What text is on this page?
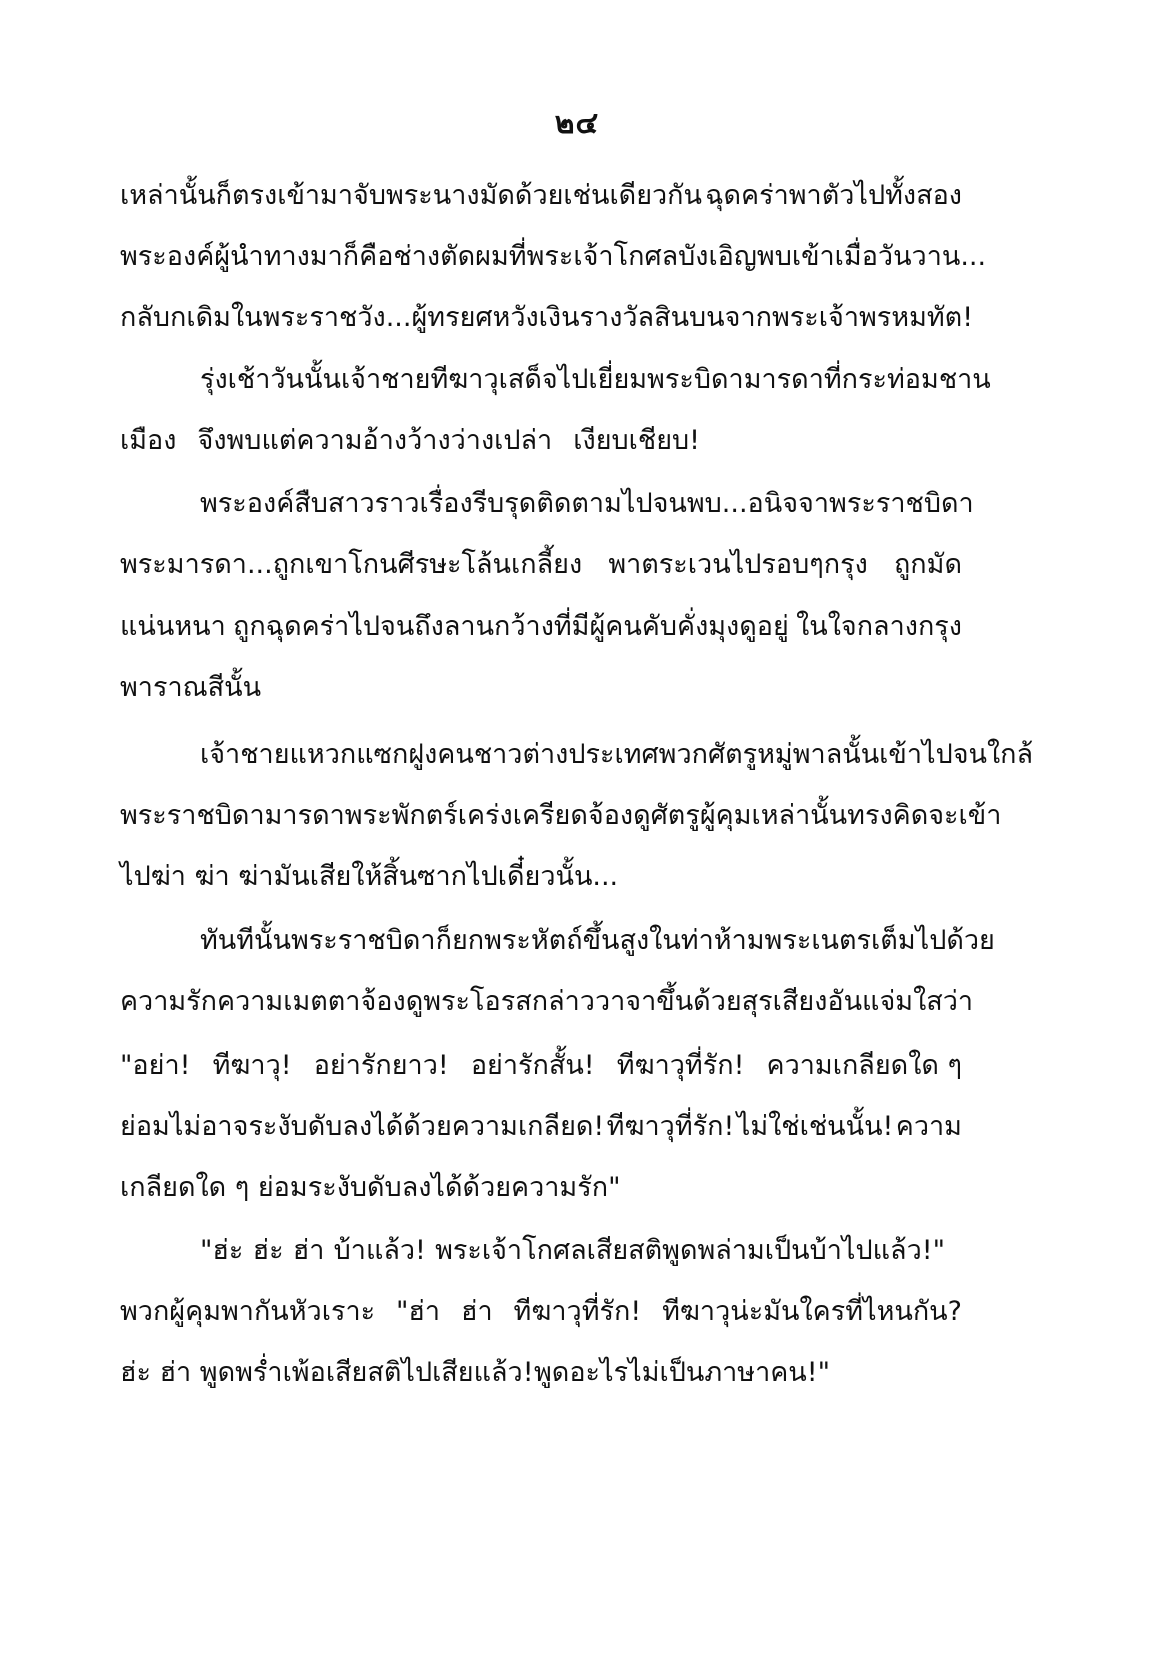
๒๔
เหล่านั้นก็ตรงเข้ามาจับพระนางมัดด้วยเช่นเดียวกัน ฉุดคร่าพาตัวไปทั้งสอง
พระองค์ ผู้นำทางมาก็คือช่างตัดผมที่พระเจ้าโกศลบังเอิญพบเข้าเมื่อวันวาน...
กลับกเดิมในพระราชวัง...ผู้ทรยศหวังเงินรางวัลสินบนจากพระเจ้าพรหมทัต!
รุ่งเช้าวันนั้น เจ้าชายทีฆาวุเสด็จไปเยี่ยมพระบิดามารดาที่กระท่อมชาน
เมือง จึงพบแต่ความอ้างว้างว่างเปล่า เงียบเชียบ!
พระองค์สืบสาวราวเรื่อง รีบรุดติดตามไปจนพบ...อนิจจา พระราชบิดา
พระมารดา...ถูกเขาโกนศีรษะโล้นเกลี้ยง พาตระเวนไปรอบๆกรุง ถูกมัด
แน่นหนา ถูกฉุดคร่าไปจนถึงลานกว้างที่มีผู้คนคับคั่งมุงดูอยู่ ในใจกลางกรุง
พาราณสีนั้น
เจ้าชายแหวกแซกฝูงคนชาวต่างประเทศพวกศัตรูหมู่พาลนั้นเข้าไปจนใกล้
พระราชบิดามารดา พระพักตร์เคร่งเครียดจ้องดูศัตรูผู้คุมเหล่านั้น ทรงคิดจะเข้า
ไปฆ่า ฆ่า ฆ่ามันเสียให้สิ้นซากไปเดี๋ยวนั้น...
ทันทีนั้นพระราชบิดาก็ยกพระหัตถ์ขึ้นสูงในท่าห้าม พระเนตรเต็มไปด้วย
ความรักความเมตตาจ้องดูพระโอรส กล่าววาจาขึ้นด้วยสุรเสียงอันแจ่มใสว่า
"อย่า! ทีฆาวุ! อย่ารักยาว! อย่ารักสั้น! ทีฆาวุที่รัก! ความเกลียดใด ๆ
ย่อมไม่อาจระงับดับลงได้ด้วยความเกลียด! ทีฆาวุที่รัก! ไม่ใช่เช่นนั้น! ความ
เกลียดใด ๆ ย่อมระงับดับลงได้ด้วยความรัก"
"ฮ่ะ ฮ่ะ ฮ่า บ้าแล้ว! พระเจ้าโกศลเสียสติพูดพล่ามเป็นบ้าไปแล้ว!"
พวกผู้คุมพากันหัวเราะ "ฮ่า ฮ่า ทีฆาวุที่รัก! ทีฆาวุน่ะมันใครที่ไหนกัน?
ฮ่ะ ฮ่า พูดพร่ำเพ้อเสียสติไปเสียแล้ว! พูดอะไรไม่เป็นภาษาคน!"
